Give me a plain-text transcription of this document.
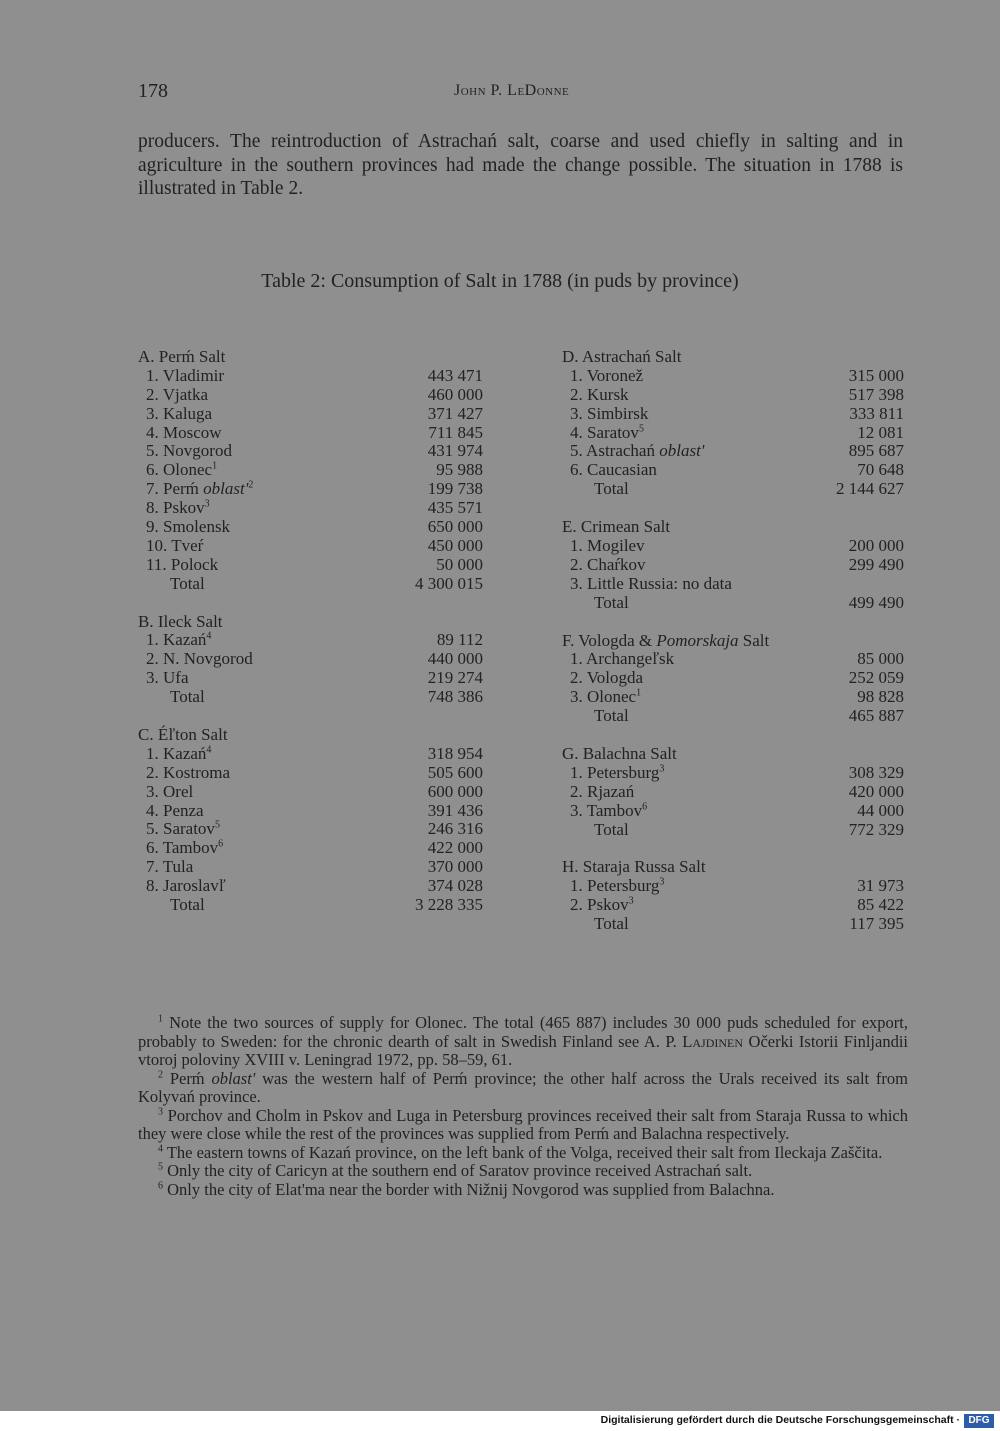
178	John P. LeDonne
producers. The reintroduction of Astrachań salt, coarse and used chiefly in salting and in agriculture in the southern provinces had made the change possible. The situation in 1788 is illustrated in Table 2.
Table 2: Consumption of Salt in 1788 (in puds by province)
A. Perḿ Salt
1. Vladimir	443 471
2. Vjatka	460 000
3. Kaluga	371 427
4. Moscow	711 845
5. Novgorod	431 974
6. Olonec$^1$	95 988
7. Perḿ $oblast'^2$	199 738
8. Pskov$^3$	435 571
9. Smolensk	650 000
10. Tveŕ	450 000
11. Polock	50 000
Total	4 300 015
B. Ileck Salt
1. Kazań$^4$	89 112
2. N. Novgorod	440 000
3. Ufa	219 274
Total	748 386
C. Éľton Salt
1. Kazań$^4$	318 954
2. Kostroma	505 600
3. Orel	600 000
4. Penza	391 436
5. Saratov$^5$	246 316
6. Tambov$^6$	422 000
7. Tula	370 000
8. Jaroslavľ	374 028
Total	3 228 335
D. Astrachań Salt
1. Voronež	315 000
2. Kursk	517 398
3. Simbirsk	333 811
4. Saratov$^5$	12 081
5. Astrachań oblast'	895 687
6. Caucasian	70 648
Total	2 144 627
E. Crimean Salt
1. Mogilev	200 000
2. Chaŕkov	299 490
3. Little Russia: no data
Total	499 490
F. Vologda & Pomorskaja Salt
1. Archangeľsk	85 000
2. Vologda	252 059
3. Olonec$^1$	98 828
Total	465 887
G. Balachna Salt
1. Petersburg$^3$	308 329
2. Rjazań	420 000
3. Tambov$^6$	44 000
Total	772 329
H. Staraja Russa Salt
1. Petersburg$^3$	31 973
2. Pskov$^3$	85 422
Total	117 395

$^1$ Note the two sources of supply for Olonec. The total (465 887) includes 30 000 puds scheduled for export, probably to Sweden: for the chronic dearth of salt in Swedish Finland see A. P. Lajdinen Očerki Istorii Finljandii vtoroj poloviny XVIII v. Leningrad 1972, pp. 58–59, 61.

$^2$ Perḿ oblast' was the western half of Perḿ province; the other half across the Urals received its salt from Kolyvań province.

$^3$ Porchov and Cholm in Pskov and Luga in Petersburg provinces received their salt from Staraja Russa to which they were close while the rest of the provinces was supplied from Perḿ and Balachna respectively.

$^4$ The eastern towns of Kazań province, on the left bank of the Volga, received their salt from Ileckaja Zaščita.

$^5$ Only the city of Caricyn at the southern end of Saratov province received Astrachań salt.

$^6$ Only the city of Elat'ma near the border with Nižnij Novgorod was supplied from Balachna.

Digitalisierung gefördert durch die Deutsche Forschungsgemeinschaft · DFG
